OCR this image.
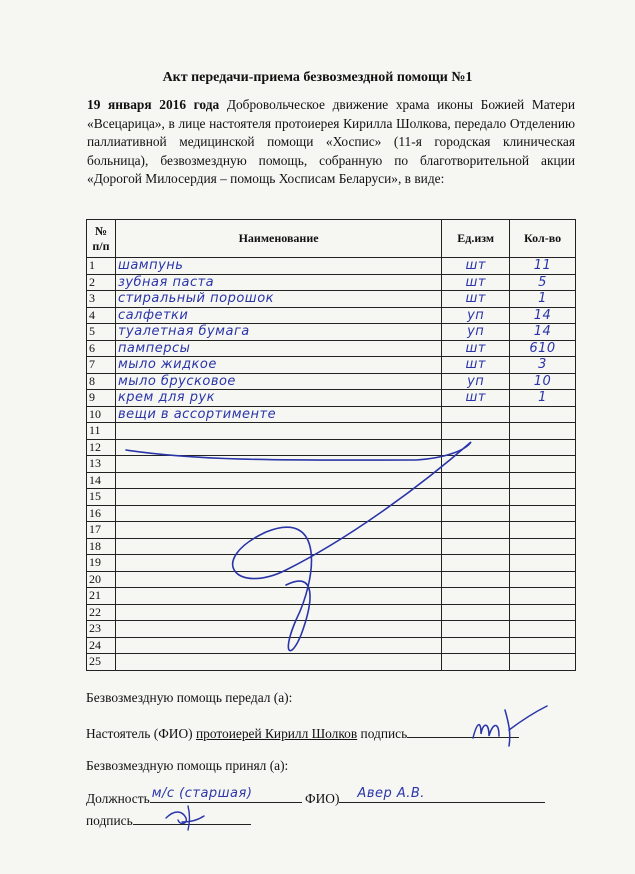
Акт передачи-приема безвозмездной помощи №1
19 января 2016 года Добровольческое движение храма иконы Божией Матери «Всецарица», в лице настоятеля протоиерея Кирилла Шолкова, передало Отделению паллиативной медицинской помощи «Хоспис» (11-я городская клиническая больница), безвозмездную помощь, собранную по благотворительной акции «Дорогой Милосердия – помощь Хосписам Беларуси», в виде:
№ п/п	Наименование	Ед.изм	Кол-во
1	шампунь	шт	11
2	зубная паста	шт	5
3	стиральный порошок	шт	1
4	салфетки	уп	14
5	туалетная бумага	уп	14
6	памперсы	шт	610
7	мыло жидкое	шт	3
8	мыло брусковое	уп	10
9	крем для рук	шт	1
10	вещи в ассортименте		
11			
12			
13			
14			
15			
16			
17			
18			
19			
20			
21			
22			
23			
24			
25			
Безвозмездную помощь передал (а):
Настоятель (ФИО) протоиерей Кирилл Шолков подпись
Безвозмездную помощь принял (а):
Должность м/с (старшая)	ФИО) Авер А.В.
подпись
